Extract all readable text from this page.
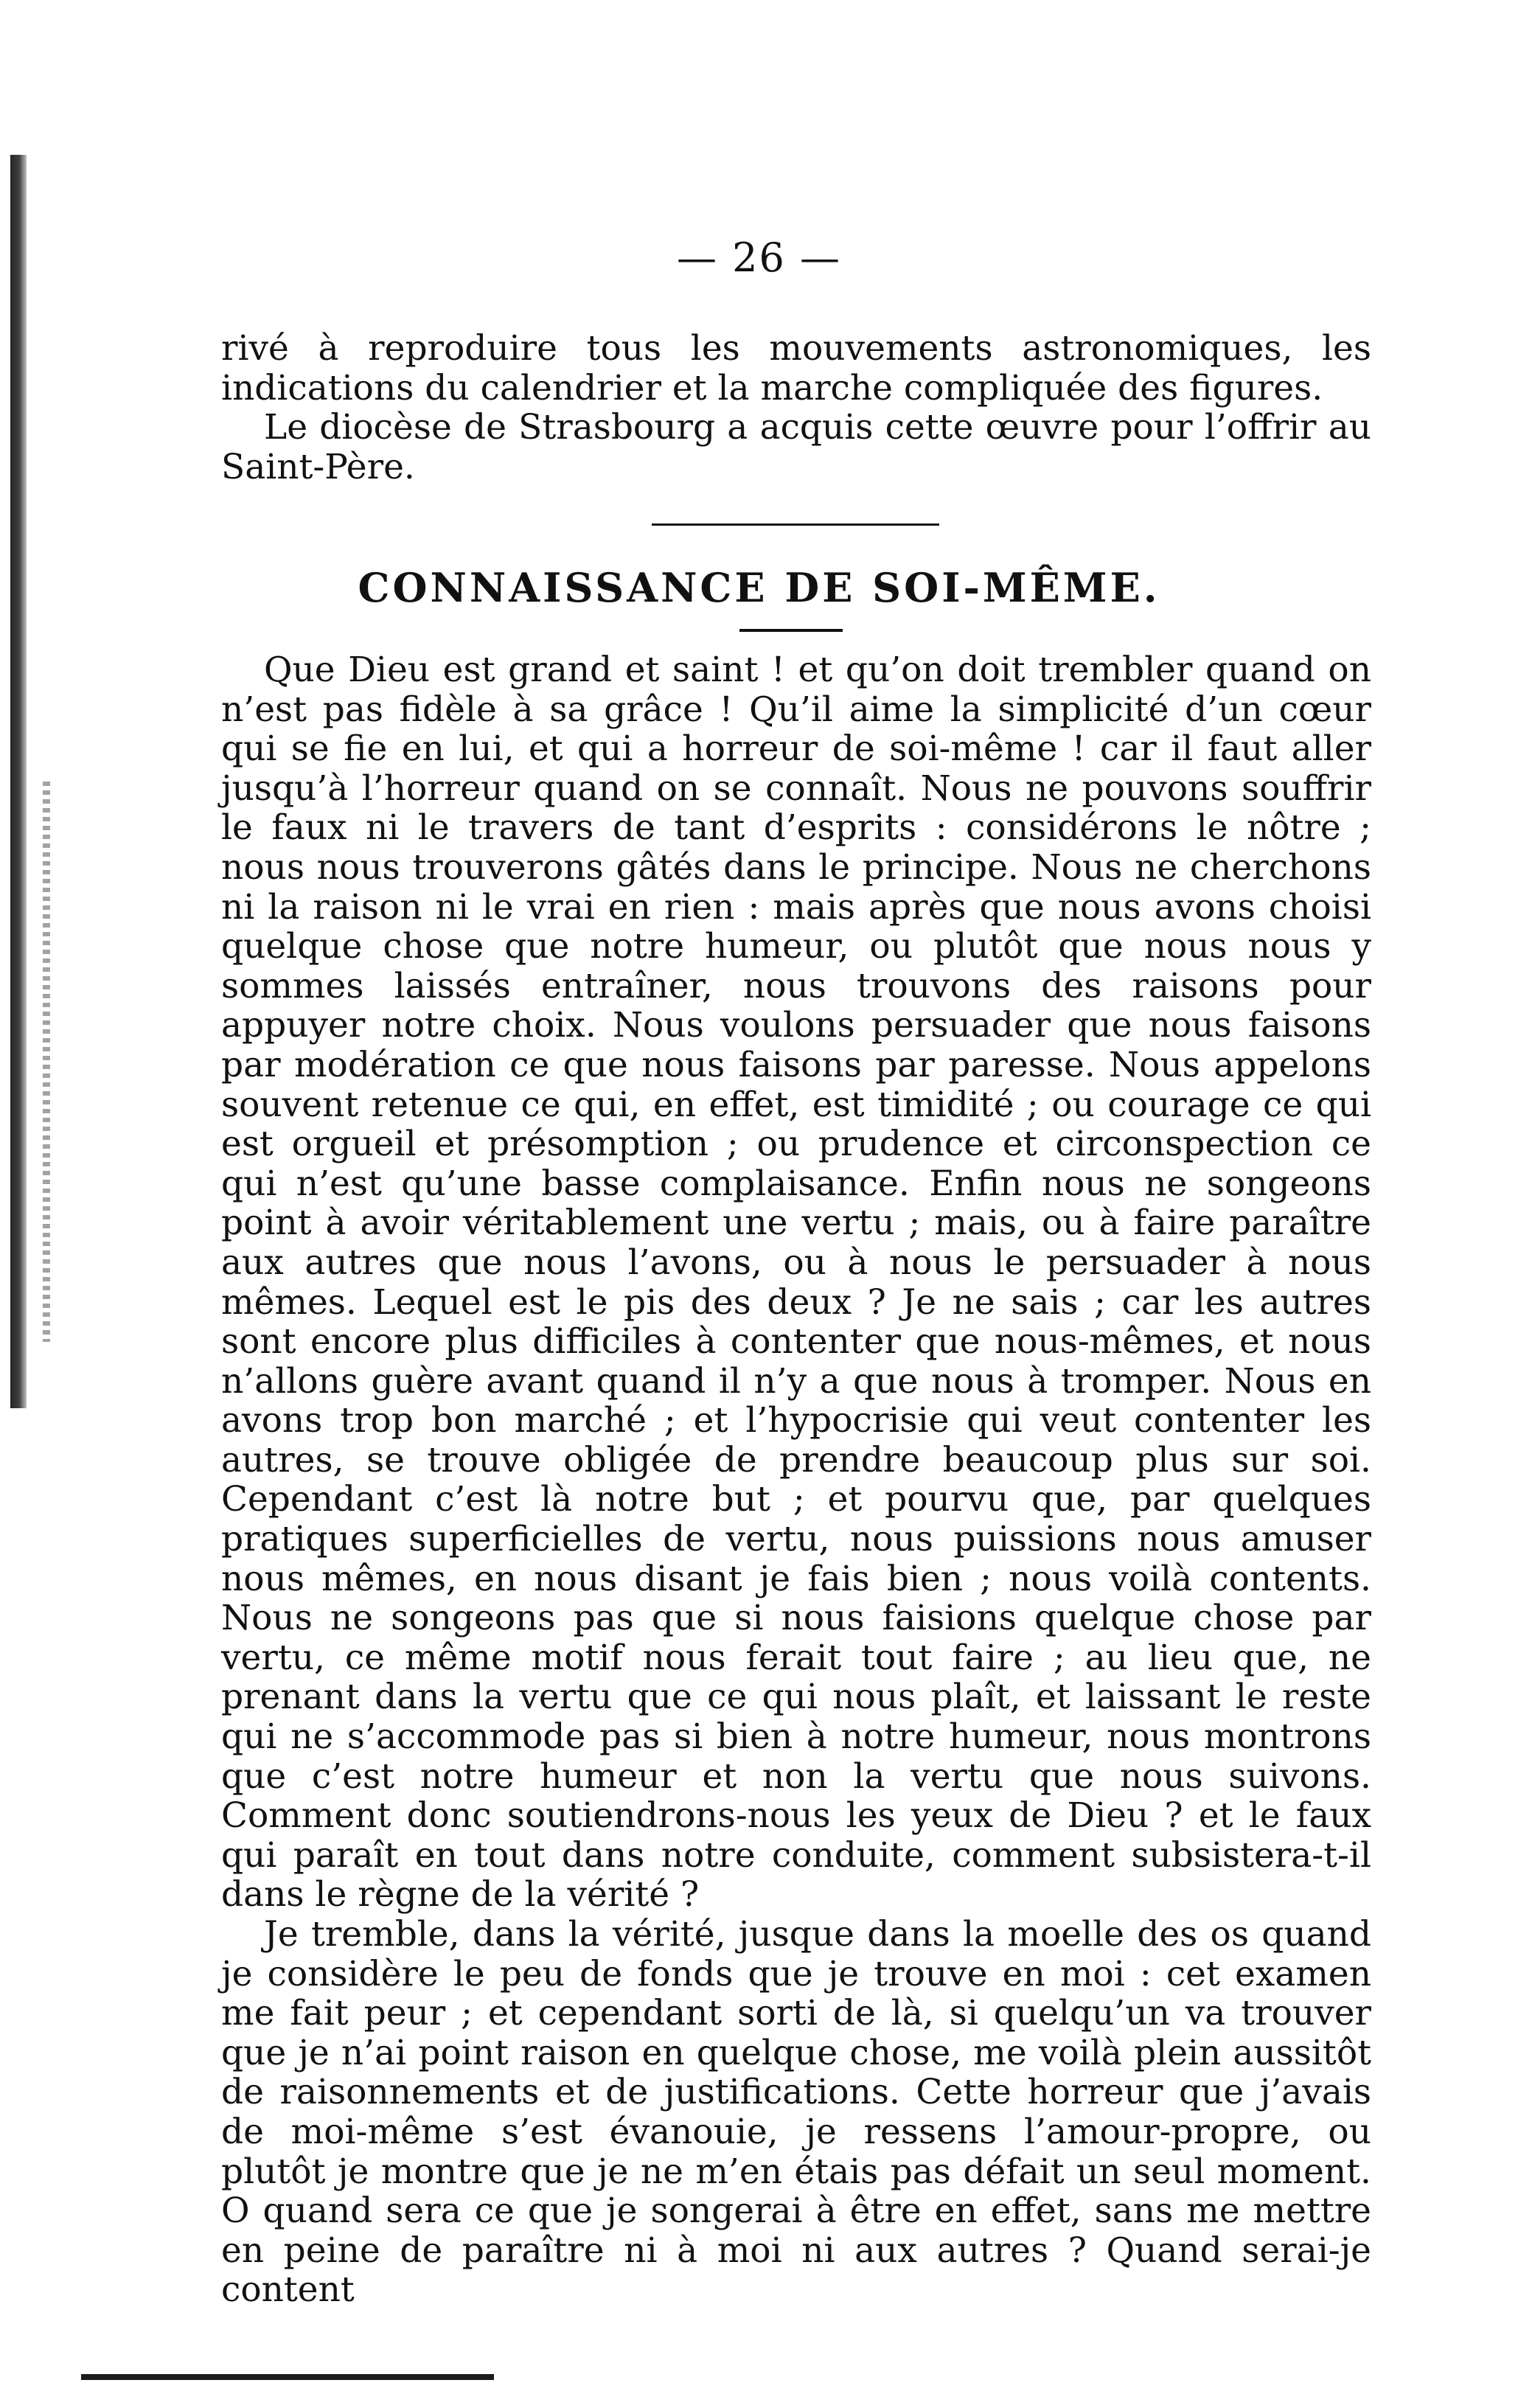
— 26 —

rivé à reproduire tous les mouvements astronomiques, les indications du calendrier et la marche compliquée des figures.

Le diocèse de Strasbourg a acquis cette œuvre pour l’offrir au Saint-Père.

CONNAISSANCE DE SOI-MÊME.

Que Dieu est grand et saint ! et qu’on doit trembler quand on n’est pas fidèle à sa grâce ! Qu’il aime la simplicité d’un cœur qui se fie en lui, et qui a horreur de soi-même ! car il faut aller jusqu’à l’horreur quand on se connaît. Nous ne pouvons souffrir le faux ni le travers de tant d’esprits : considérons le nôtre ; nous nous trouverons gâtés dans le principe. Nous ne cherchons ni la raison ni le vrai en rien : mais après que nous avons choisi quelque chose que notre humeur, ou plutôt que nous nous y sommes laissés entraîner, nous trouvons des raisons pour appuyer notre choix. Nous voulons persuader que nous faisons par modération ce que nous faisons par paresse. Nous appelons souvent retenue ce qui, en effet, est timidité ; ou courage ce qui est orgueil et présomption ; ou prudence et circonspection ce qui n’est qu’une basse complaisance. Enfin nous ne songeons point à avoir véritablement une vertu ; mais, ou à faire paraître aux autres que nous l’avons, ou à nous le persuader à nous mêmes. Lequel est le pis des deux ? Je ne sais ; car les autres sont encore plus difficiles à contenter que nous-mêmes, et nous n’allons guère avant quand il n’y a que nous à tromper. Nous en avons trop bon marché ; et l’hypocrisie qui veut contenter les autres, se trouve obligée de prendre beaucoup plus sur soi. Cependant c’est là notre but ; et pourvu que, par quelques pratiques superficielles de vertu, nous puissions nous amuser nous mêmes, en nous disant je fais bien ; nous voilà contents. Nous ne songeons pas que si nous faisions quelque chose par vertu, ce même motif nous ferait tout faire ; au lieu que, ne prenant dans la vertu que ce qui nous plaît, et laissant le reste qui ne s’accommode pas si bien à notre humeur, nous montrons que c’est notre humeur et non la vertu que nous suivons. Comment donc soutiendrons-nous les yeux de Dieu ? et le faux qui paraît en tout dans notre conduite, comment subsistera-t-il dans le règne de la vérité ?

Je tremble, dans la vérité, jusque dans la moelle des os quand je considère le peu de fonds que je trouve en moi : cet examen me fait peur ; et cependant sorti de là, si quelqu’un va trouver que je n’ai point raison en quelque chose, me voilà plein aussitôt de raisonnements et de justifications. Cette horreur que j’avais de moi-même s’est évanouie, je ressens l’amour-propre, ou plutôt je montre que je ne m’en étais pas défait un seul moment. O quand sera ce que je songerai à être en effet, sans me mettre en peine de paraître ni à moi ni aux autres ? Quand serai-je content
